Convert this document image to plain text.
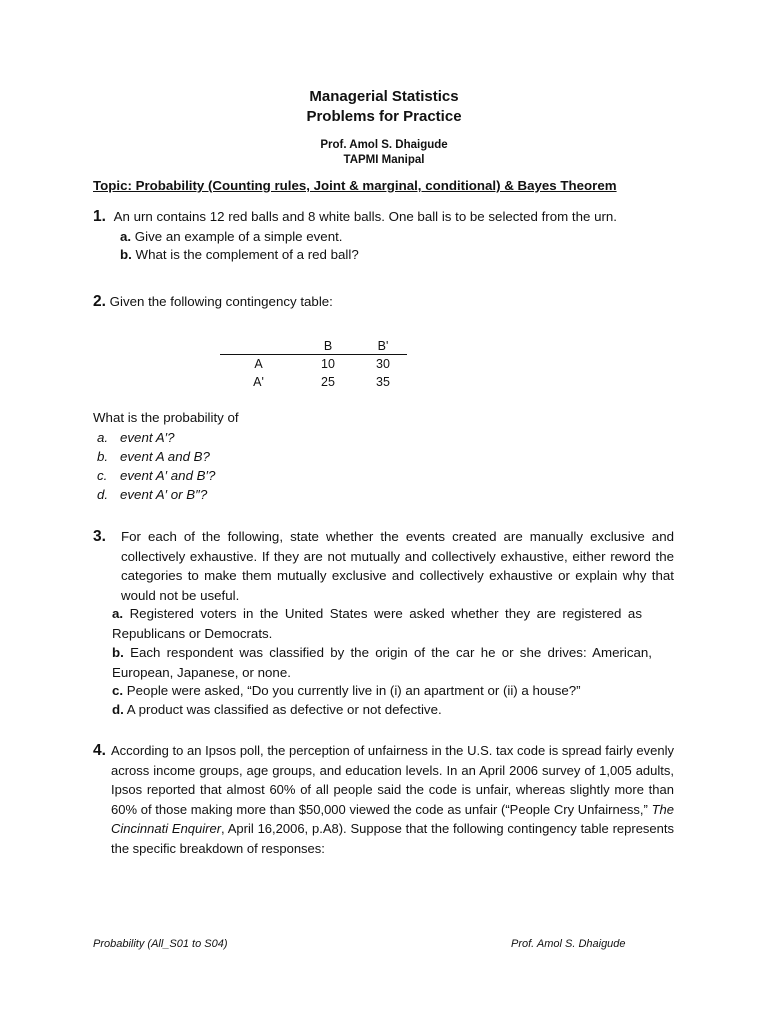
Managerial Statistics
Problems for Practice
Prof. Amol S. Dhaigude
TAPMI Manipal
Topic: Probability (Counting rules, Joint & marginal, conditional) & Bayes Theorem
1. An urn contains 12 red balls and 8 white balls. One ball is to be selected from the urn.
a. Give an example of a simple event.
b. What is the complement of a red ball?
2. Given the following contingency table:
	B	B'
A	10	30
A'	25	35
What is the probability of
a. event A′?
b. event A and B?
c. event A′ and B′?
d. event A′ or B″?
3. For each of the following, state whether the events created are manually exclusive and collectively exhaustive. If they are not mutually and collectively exhaustive, either reword the categories to make them mutually exclusive and collectively exhaustive or explain why that would not be useful.
a. Registered voters in the United States were asked whether they are registered as Republicans or Democrats.
b. Each respondent was classified by the origin of the car he or she drives: American, European, Japanese, or none.
c. People were asked, “Do you currently live in (i) an apartment or (ii) a house?”
d. A product was classified as defective or not defective.
4. According to an Ipsos poll, the perception of unfairness in the U.S. tax code is spread fairly evenly across income groups, age groups, and education levels. In an April 2006 survey of 1,005 adults, Ipsos reported that almost 60% of all people said the code is unfair, whereas slightly more than 60% of those making more than $50,000 viewed the code as unfair (“People Cry Unfairness,” The Cincinnati Enquirer, April 16,2006, p.A8). Suppose that the following contingency table represents the specific breakdown of responses:
Probability (All_S01 to S04)	Prof. Amol S. Dhaigude
